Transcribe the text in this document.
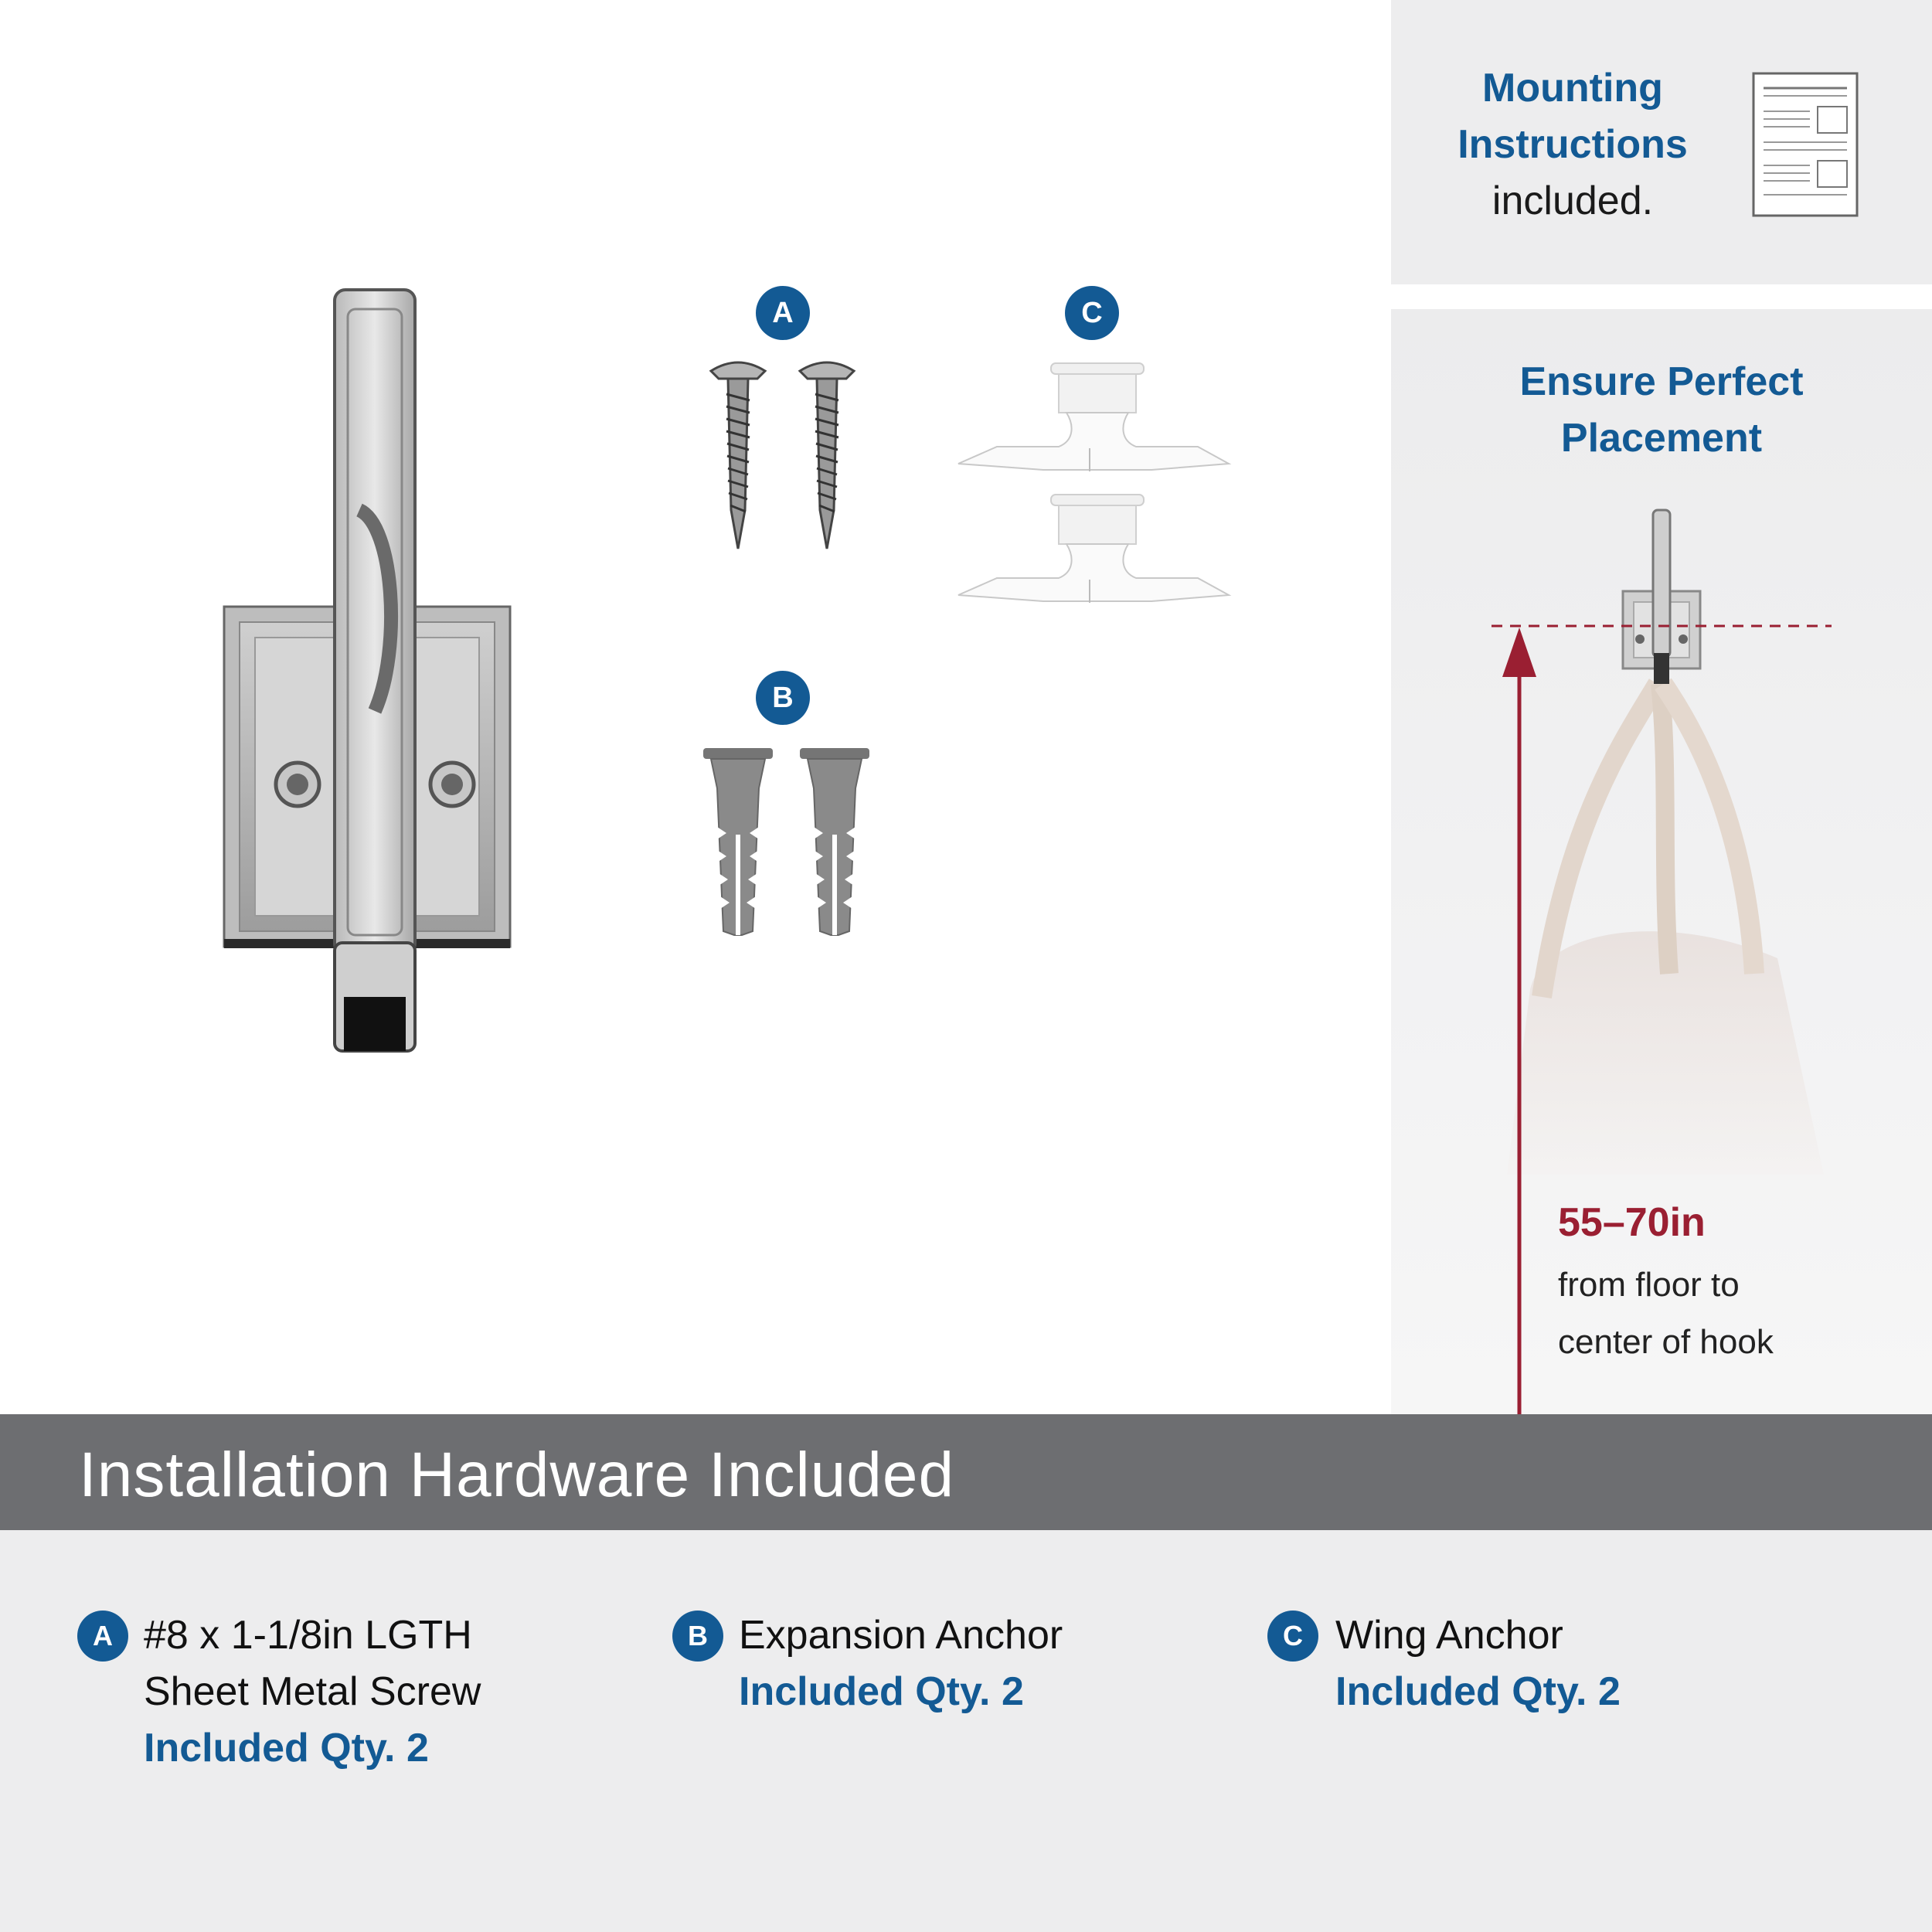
Mounting
Instructions
included.
Ensure Perfect
Placement
55–70in
from floor to
center of hook
A
B
C
Installation Hardware Included
A #8 x 1-1/8in LGTH
Sheet Metal Screw
Included Qty. 2
B Expansion Anchor
Included Qty. 2
C Wing Anchor
Included Qty. 2
